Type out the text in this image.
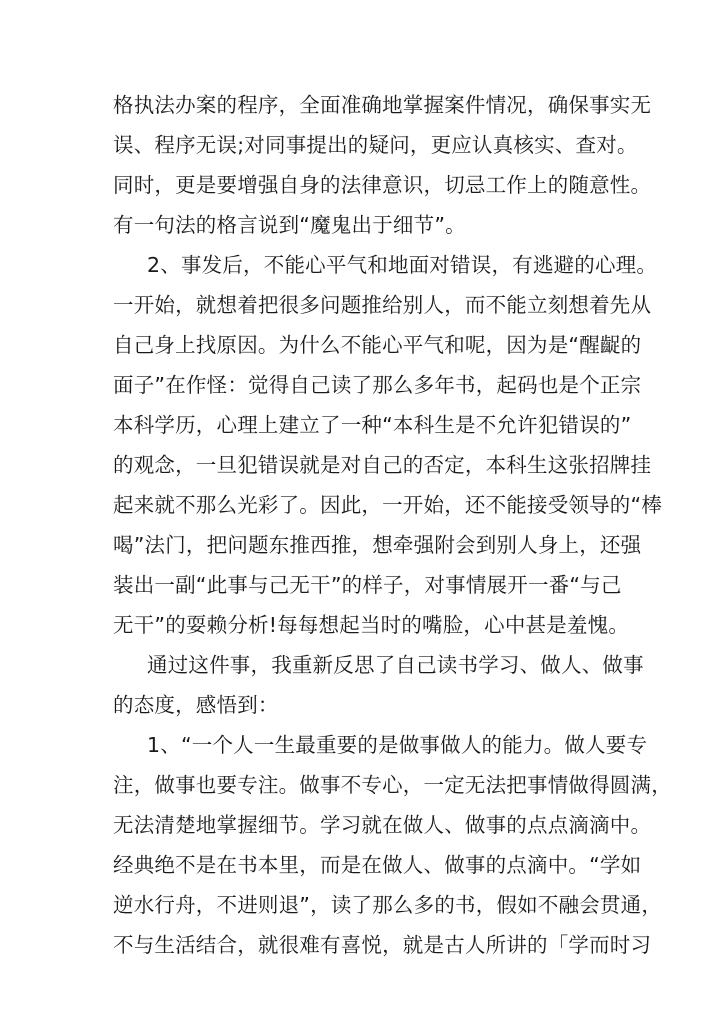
格执法办案的程序，全面准确地掌握案件情况，确保事实无
误、程序无误;对同事提出的疑问，更应认真核实、查对。
同时，更是要增强自身的法律意识，切忌工作上的随意性。
有一句法的格言说到“魔鬼出于细节”。
2、事发后，不能心平气和地面对错误，有逃避的心理。
一开始，就想着把很多问题推给别人，而不能立刻想着先从
自己身上找原因。为什么不能心平气和呢，因为是“醒齪的
面子”在作怪：觉得自己读了那么多年书，起码也是个正宗
本科学历，心理上建立了一种“本科生是不允许犯错误的”
的观念，一旦犯错误就是对自己的否定，本科生这张招牌挂
起来就不那么光彩了。因此，一开始，还不能接受领导的“棒
喝”法门，把问题东推西推，想牵强附会到别人身上，还强
装出一副“此事与己无干”的样子，对事情展开一番“与己
无干”的耍赖分析!每每想起当时的嘴脸，心中甚是羞愧。
通过这件事，我重新反思了自己读书学习、做人、做事
的态度，感悟到：
1、“一个人一生最重要的是做事做人的能力。做人要专
注，做事也要专注。做事不专心，一定无法把事情做得圆满，
无法清楚地掌握细节。学习就在做人、做事的点点滴滴中。
经典绝不是在书本里，而是在做人、做事的点滴中。“学如
逆水行舟，不进则退”，读了那么多的书，假如不融会贯通，
不与生活结合，就很难有喜悦，就是古人所讲的「学而时习
